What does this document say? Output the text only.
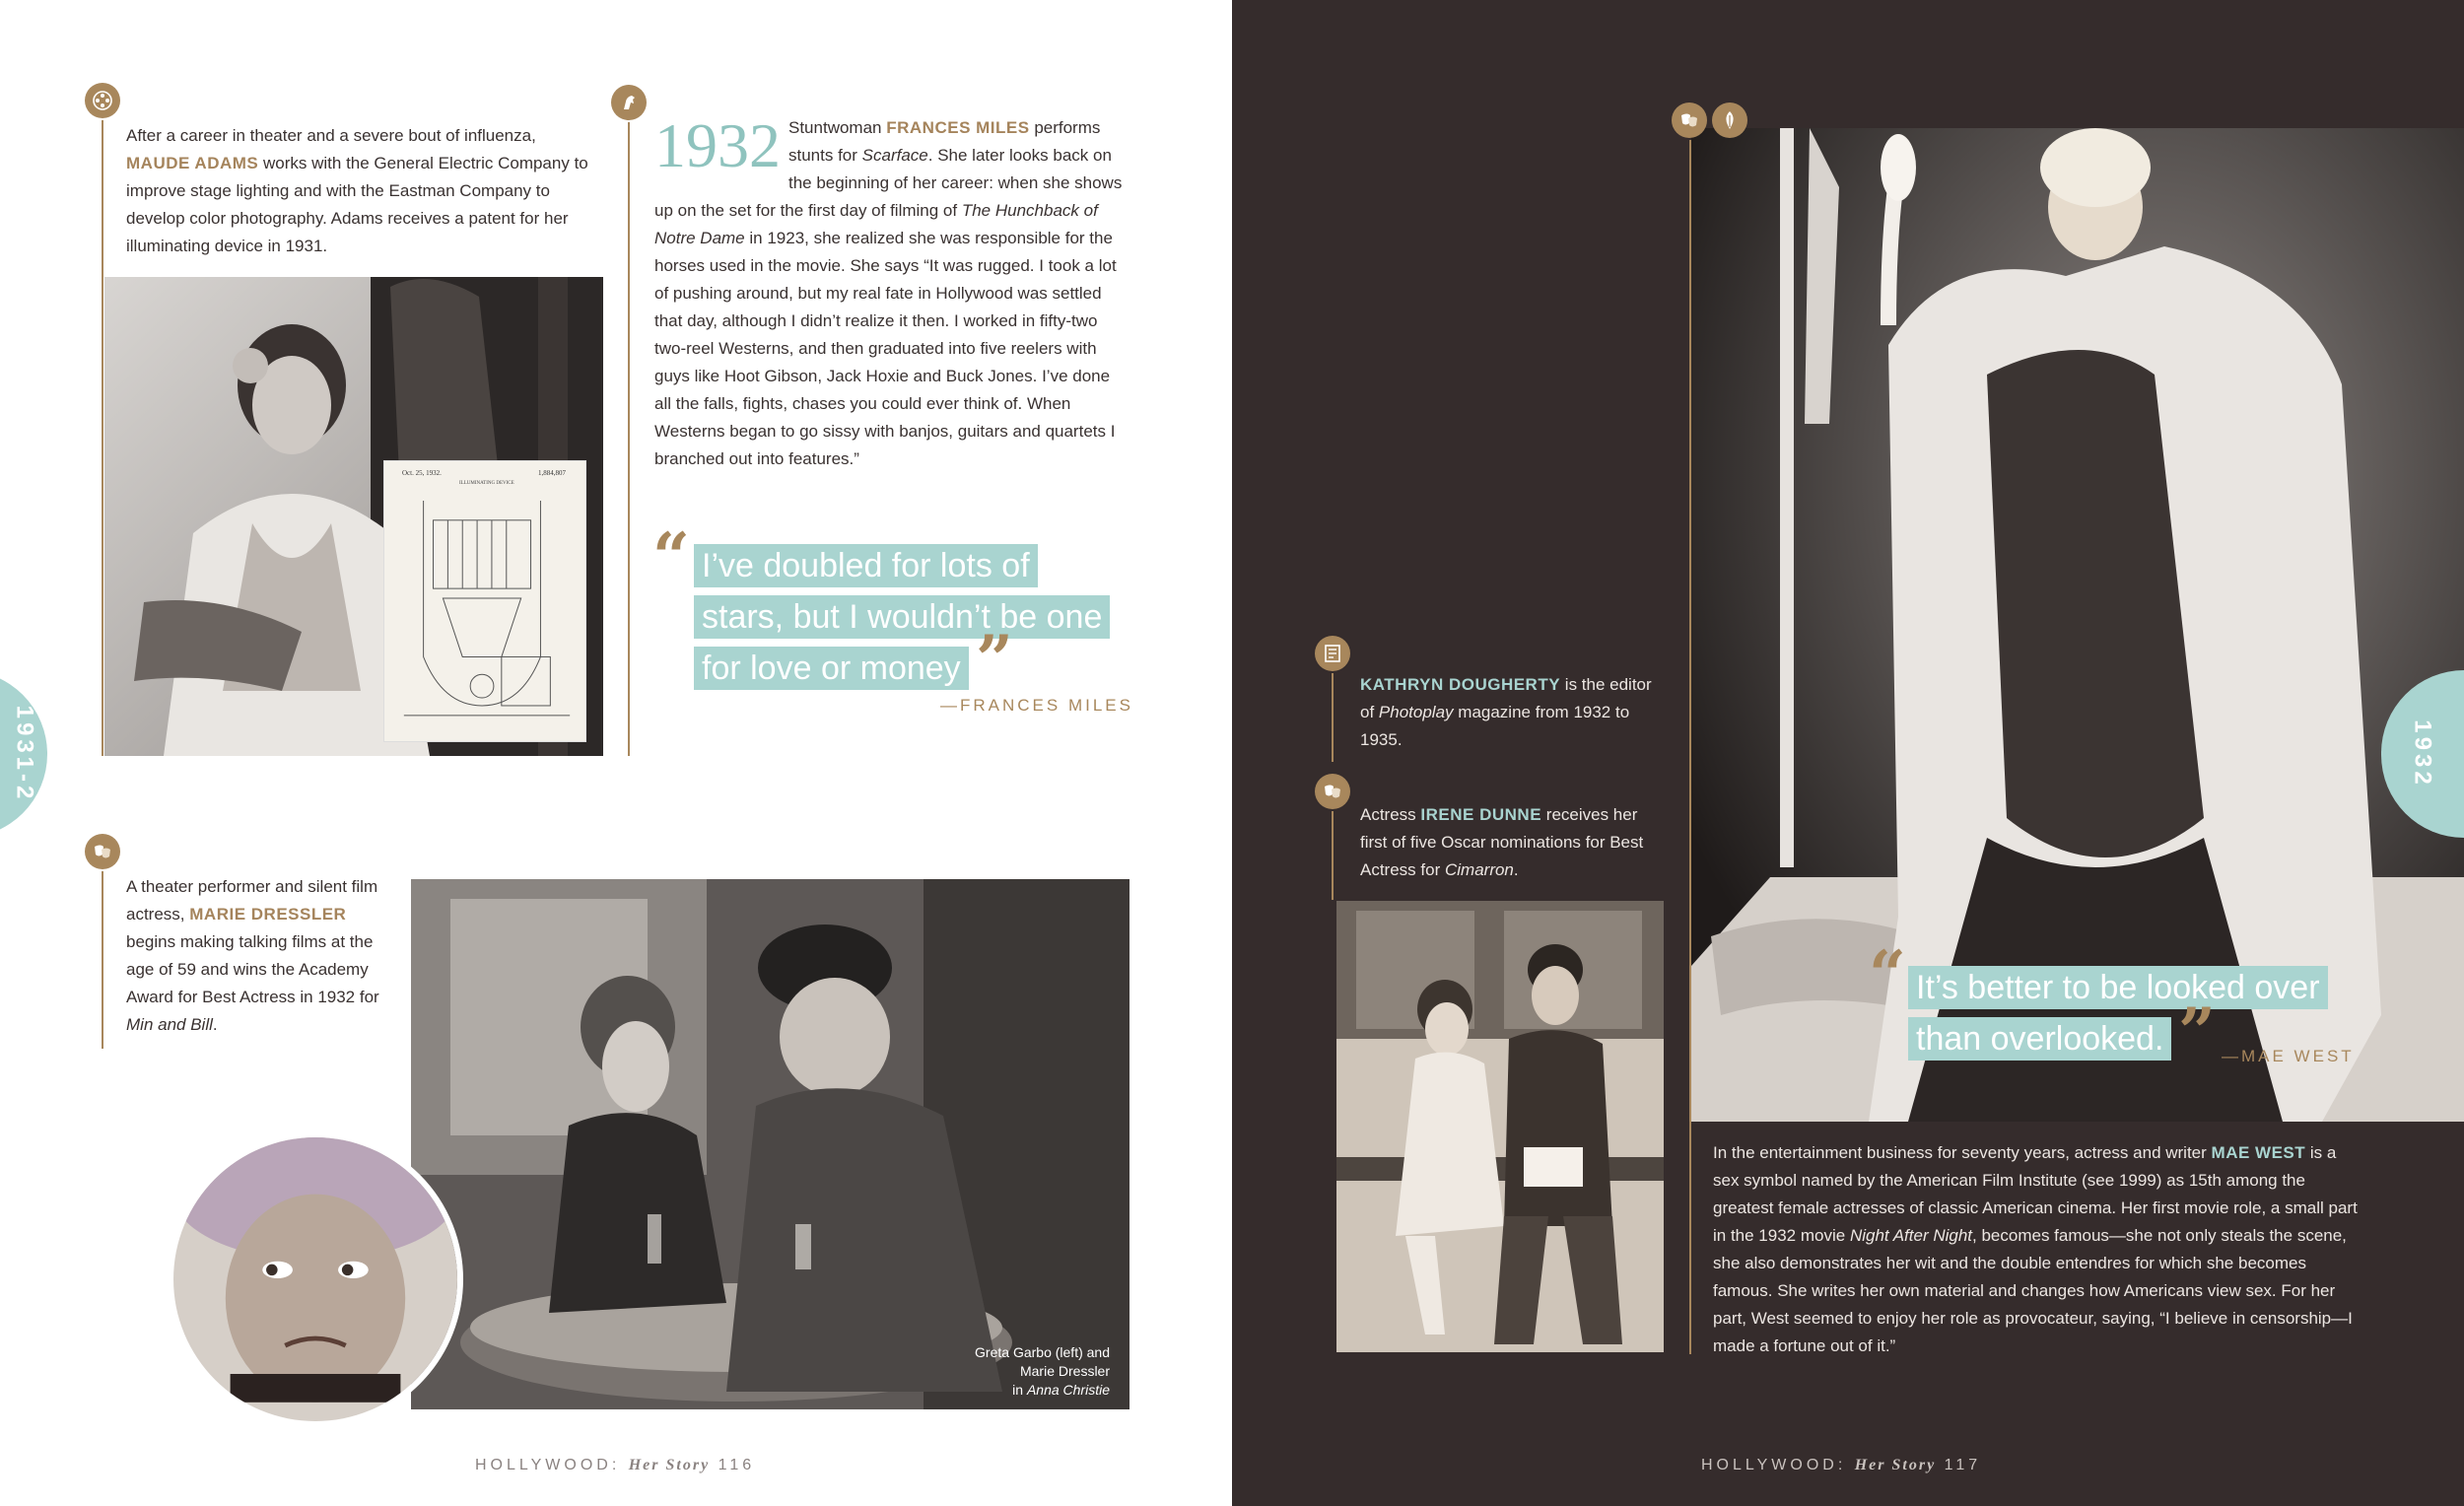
1931-2
After a career in theater and a severe bout of influenza, MAUDE ADAMS works with the General Electric Company to improve stage lighting and with the Eastman Company to develop color photography. Adams receives a patent for her illuminating device in 1931.
Oct. 25, 1932.	1,884,807
ILLUMINATING DEVICE
1932 Stuntwoman FRANCES MILES performs stunts for Scarface. She later looks back on the beginning of her career: when she shows up on the set for the first day of filming of The Hunchback of Notre Dame in 1923, she realized she was responsible for the horses used in the movie. She says “It was rugged. I took a lot of pushing around, but my real fate in Hollywood was settled that day, although I didn’t realize it then. I worked in fifty-two two-reel Westerns, and then graduated into five reelers with guys like Hoot Gibson, Jack Hoxie and Buck Jones. I’ve done all the falls, fights, chases you could ever think of. When Westerns began to go sissy with banjos, guitars and quartets I branched out into features.”
“ I’ve doubled for lots of
stars, but I wouldn’t be one
for love or money ”
—FRANCES MILES
A theater performer and silent film actress, MARIE DRESSLER begins making talking films at the age of 59 and wins the Academy Award for Best Actress in 1932 for Min and Bill.
Greta Garbo (left) and
Marie Dressler
in Anna Christie
HOLLYWOOD: Her Story 116
KATHRYN DOUGHERTY is the editor of Photoplay magazine from 1932 to 1935.
Actress IRENE DUNNE receives her first of five Oscar nominations for Best Actress for Cimarron.
“ It’s better to be looked over
than overlooked. ” —MAE WEST
In the entertainment business for seventy years, actress and writer MAE WEST is a sex symbol named by the American Film Institute (see 1999) as 15th among the greatest female actresses of classic American cinema. Her first movie role, a small part in the 1932 movie Night After Night, becomes famous—she not only steals the scene, she also demonstrates her wit and the double entendres for which she becomes famous. She writes her own material and changes how Americans view sex. For her part, West seemed to enjoy her role as provocateur, saying, “I believe in censorship—I made a fortune out of it.”
1932
HOLLYWOOD: Her Story 117
